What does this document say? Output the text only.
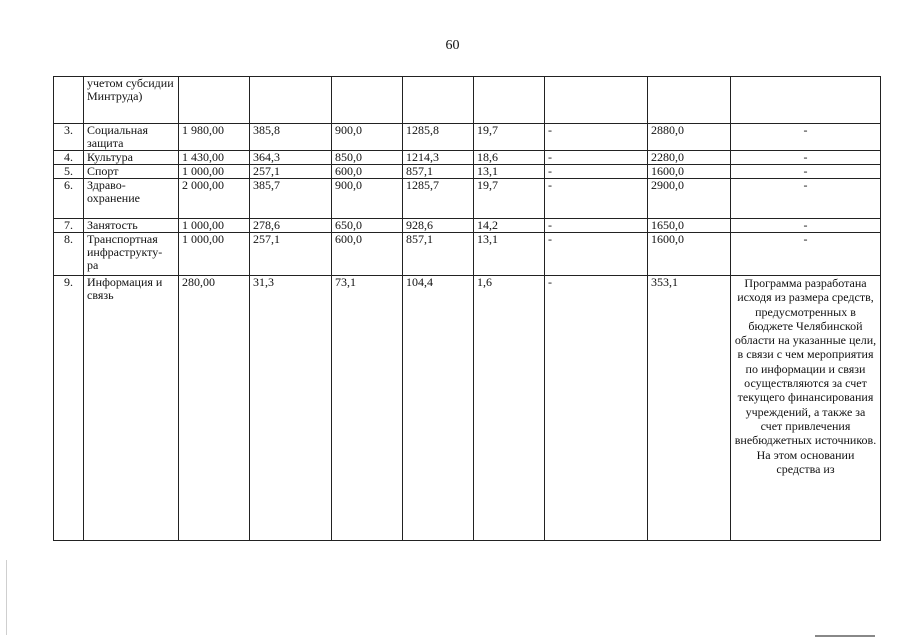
60
	учетом субсидии Минтруда)								
3.	Социальная защита	1 980,00	385,8	900,0	1285,8	19,7	-	2880,0	-
4.	Культура	1 430,00	364,3	850,0	1214,3	18,6	-	2280,0	-
5.	Спорт	1 000,00	257,1	600,0	857,1	13,1	-	1600,0	-
6.	Здраво- охранение	2 000,00	385,7	900,0	1285,7	19,7	-	2900,0	-
7.	Занятость	1 000,00	278,6	650,0	928,6	14,2	-	1650,0	-
8.	Транспортная инфраструкту- ра	1 000,00	257,1	600,0	857,1	13,1	-	1600,0	-
9.	Информация и связь	280,00	31,3	73,1	104,4	1,6	-	353,1	Программа разработана исходя из размера средств, предусмотренных в бюджете Челябинской области на указанные цели, в связи с чем мероприятия по информации и связи осуществляются за счет текущего финансирования учреждений, а также за счет привлечения внебюджетных источников. На этом основании средства из
